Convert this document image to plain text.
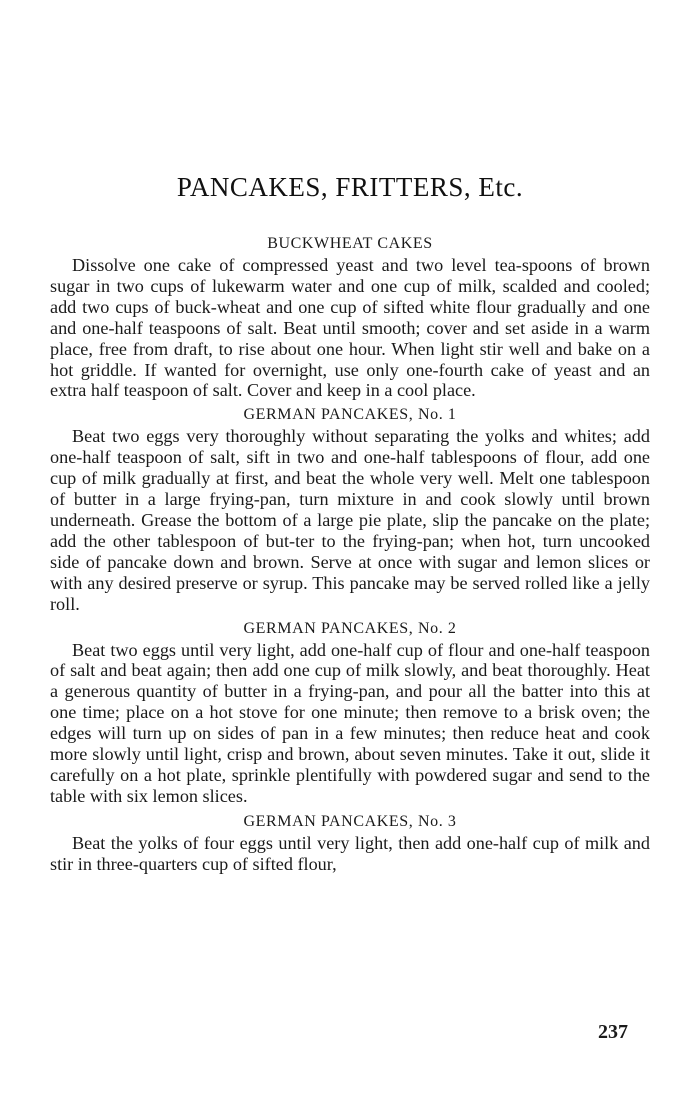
PANCAKES, FRITTERS, Etc.
BUCKWHEAT CAKES

Dissolve one cake of compressed yeast and two level tea-spoons of brown sugar in two cups of lukewarm water and one cup of milk, scalded and cooled; add two cups of buck-wheat and one cup of sifted white flour gradually and one and one-half teaspoons of salt. Beat until smooth; cover and set aside in a warm place, free from draft, to rise about one hour. When light stir well and bake on a hot griddle. If wanted for overnight, use only one-fourth cake of yeast and an extra half teaspoon of salt. Cover and keep in a cool place.

GERMAN PANCAKES, No. 1

Beat two eggs very thoroughly without separating the yolks and whites; add one-half teaspoon of salt, sift in two and one-half tablespoons of flour, add one cup of milk gradually at first, and beat the whole very well. Melt one tablespoon of butter in a large frying-pan, turn mixture in and cook slowly until brown underneath. Grease the bottom of a large pie plate, slip the pancake on the plate; add the other tablespoon of but-ter to the frying-pan; when hot, turn uncooked side of pancake down and brown. Serve at once with sugar and lemon slices or with any desired preserve or syrup. This pancake may be served rolled like a jelly roll.

GERMAN PANCAKES, No. 2

Beat two eggs until very light, add one-half cup of flour and one-half teaspoon of salt and beat again; then add one cup of milk slowly, and beat thoroughly. Heat a generous quantity of butter in a frying-pan, and pour all the batter into this at one time; place on a hot stove for one minute; then remove to a brisk oven; the edges will turn up on sides of pan in a few minutes; then reduce heat and cook more slowly until light, crisp and brown, about seven minutes. Take it out, slide it carefully on a hot plate, sprinkle plentifully with powdered sugar and send to the table with six lemon slices.

GERMAN PANCAKES, No. 3

Beat the yolks of four eggs until very light, then add one-half cup of milk and stir in three-quarters cup of sifted flour,

237
